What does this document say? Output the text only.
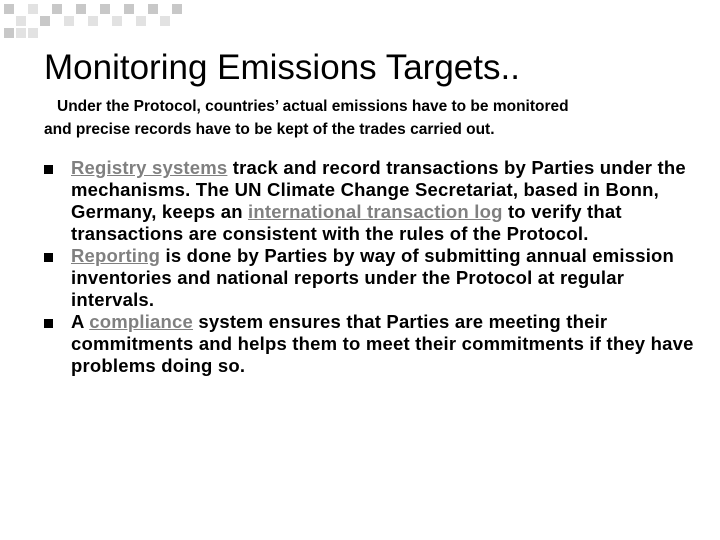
Monitoring Emissions Targets..
Under the Protocol, countries’ actual emissions have to be monitored
and precise records have to be kept of the trades carried out.
Registry systems track and record transactions by Parties under the mechanisms. The UN Climate Change Secretariat, based in Bonn, Germany, keeps an international transaction log to verify that transactions are consistent with the rules of the Protocol.
Reporting is done by Parties by way of submitting annual emission inventories and national reports under the Protocol at regular intervals.
A compliance system ensures that Parties are meeting their commitments and helps them to meet their commitments if they have problems doing so.
